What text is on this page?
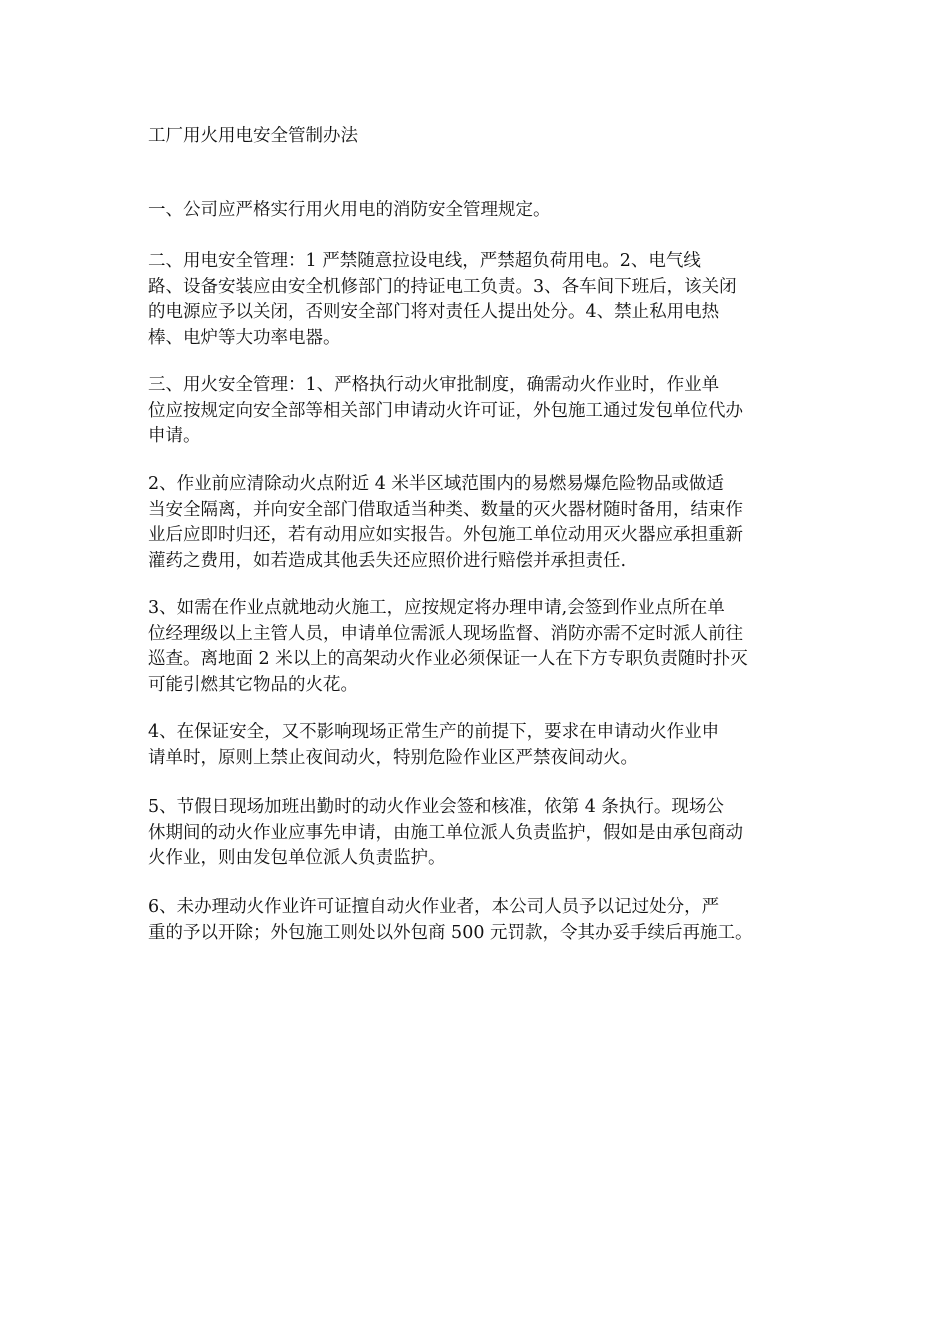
工厂用火用电安全管制办法

一、公司应严格实行用火用电的消防安全管理规定。

二、用电安全管理：1 严禁随意拉设电线，严禁超负荷用电。2、电气线
路、设备安装应由安全机修部门的持证电工负责。3、各车间下班后，该关闭
的电源应予以关闭，否则安全部门将对责任人提出处分。4、禁止私用电热
棒、电炉等大功率电器。

三、用火安全管理：1、严格执行动火审批制度，确需动火作业时，作业单
位应按规定向安全部等相关部门申请动火许可证，外包施工通过发包单位代办
申请。

2、作业前应清除动火点附近 4 米半区域范围内的易燃易爆危险物品或做适
当安全隔离，并向安全部门借取适当种类、数量的灭火器材随时备用，结束作
业后应即时归还，若有动用应如实报告。外包施工单位动用灭火器应承担重新
灌药之费用，如若造成其他丢失还应照价进行赔偿并承担责任.

3、如需在作业点就地动火施工，应按规定将办理申请,会签到作业点所在单
位经理级以上主管人员，申请单位需派人现场监督、消防亦需不定时派人前往
巡查。离地面 2 米以上的高架动火作业必须保证一人在下方专职负责随时扑灭
可能引燃其它物品的火花。

4、在保证安全，又不影响现场正常生产的前提下，要求在申请动火作业申
请单时，原则上禁止夜间动火，特别危险作业区严禁夜间动火。

5、节假日现场加班出勤时的动火作业会签和核准，依第 4 条执行。现场公
休期间的动火作业应事先申请，由施工单位派人负责监护，假如是由承包商动
火作业，则由发包单位派人负责监护。

6、未办理动火作业许可证擅自动火作业者，本公司人员予以记过处分，严
重的予以开除；外包施工则处以外包商 500 元罚款，令其办妥手续后再施工。
